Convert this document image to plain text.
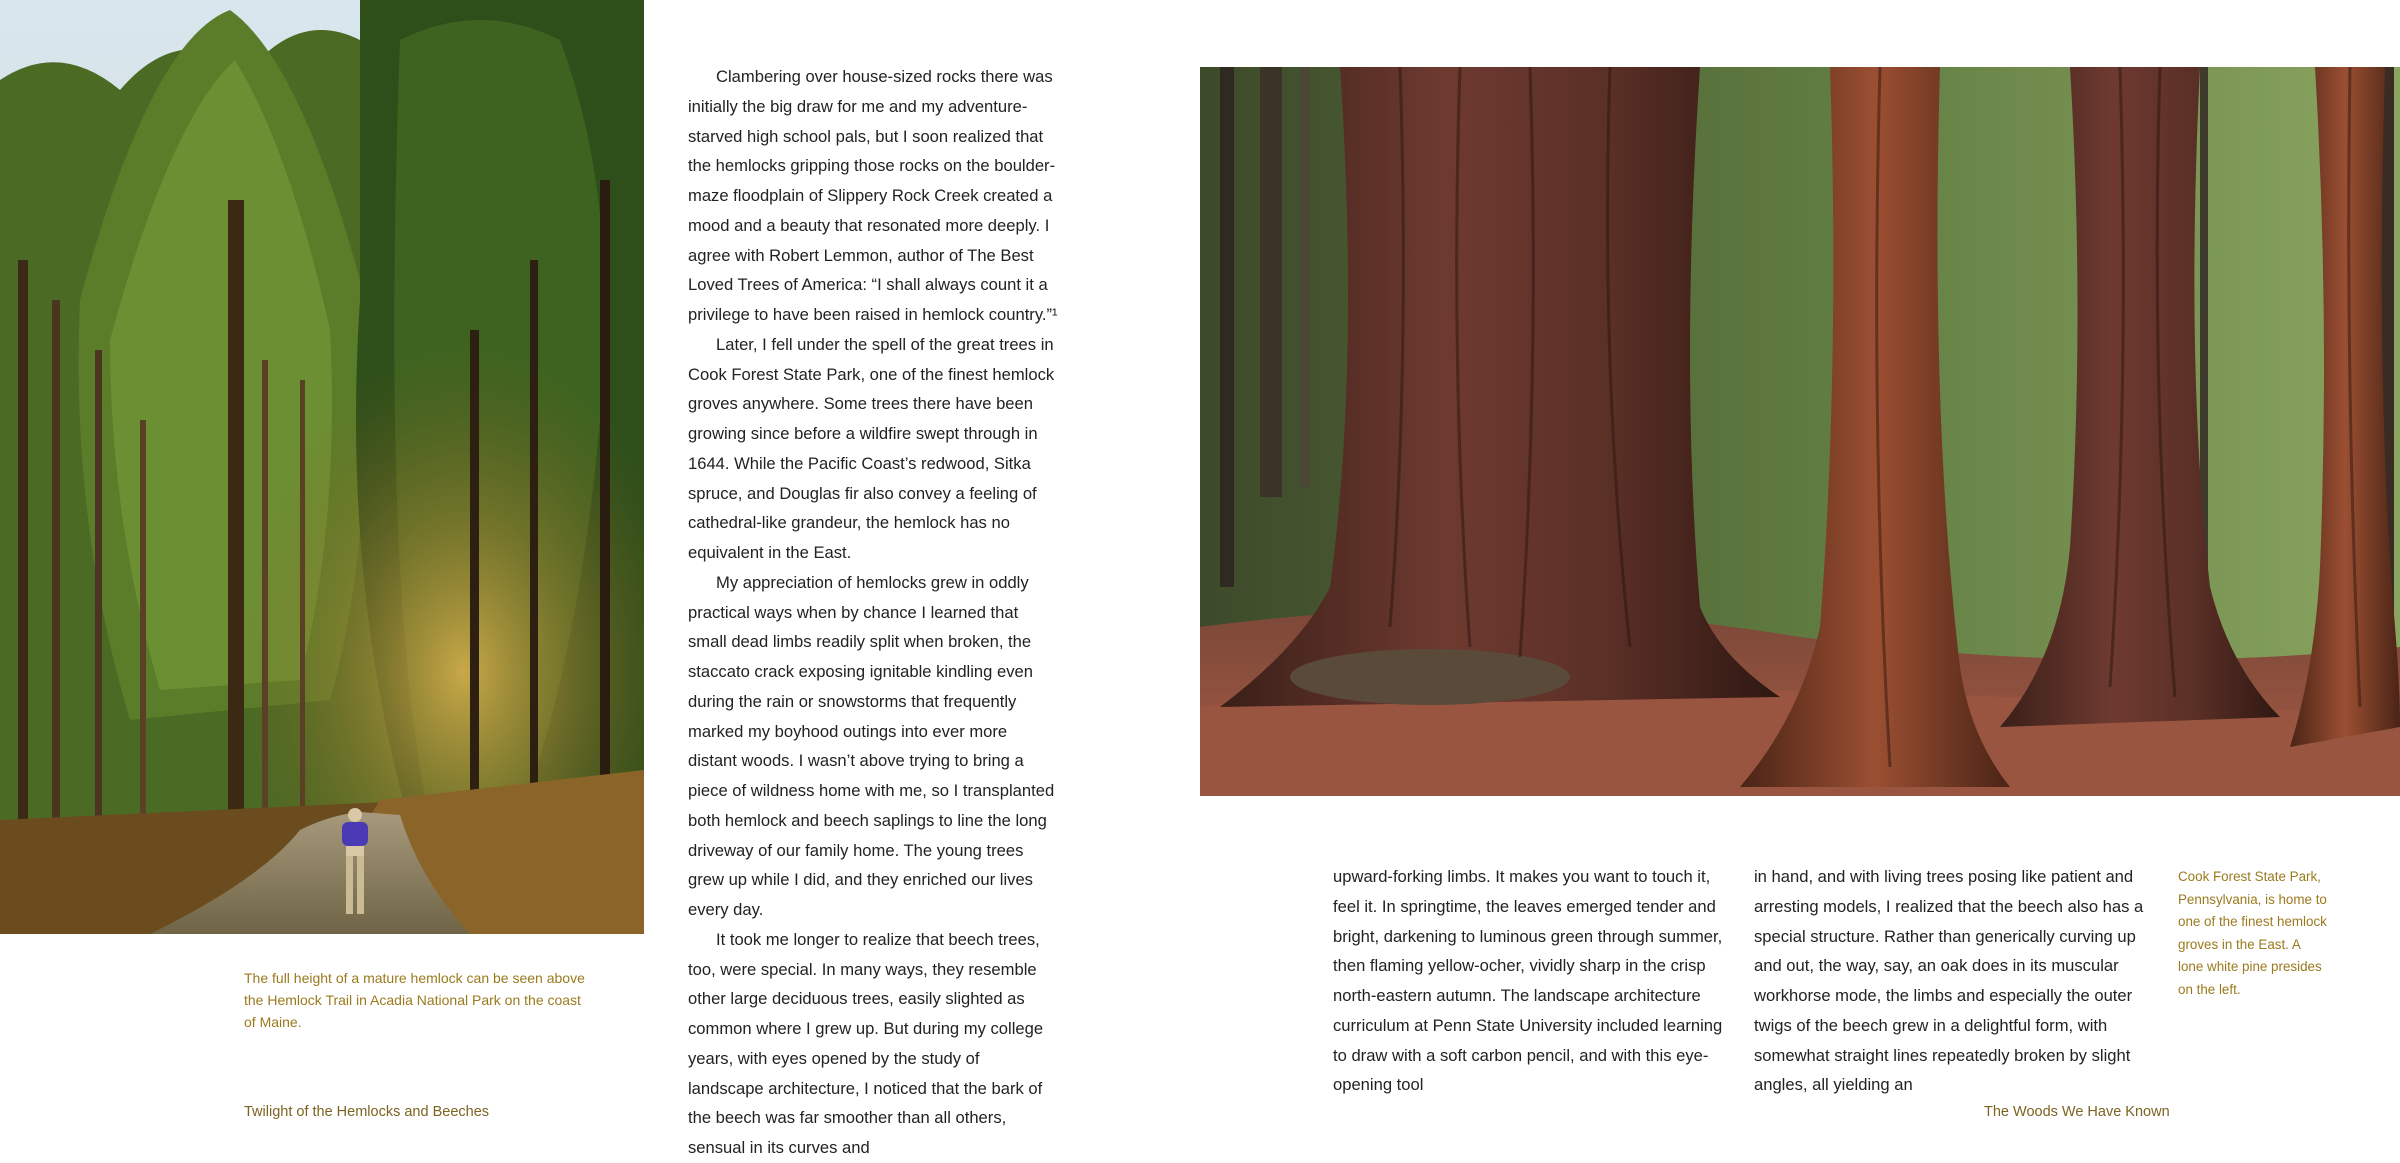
Clambering over house-sized rocks there was initially the big draw for me and my adventure-starved high school pals, but I soon realized that the hemlocks gripping those rocks on the boulder-maze floodplain of Slippery Rock Creek created a mood and a beauty that resonated more deeply. I agree with Robert Lemmon, author of The Best Loved Trees of America: “I shall always count it a privilege to have been raised in hemlock country.”¹

Later, I fell under the spell of the great trees in Cook Forest State Park, one of the finest hemlock groves anywhere. Some trees there have been growing since before a wildfire swept through in 1644. While the Pacific Coast’s redwood, Sitka spruce, and Douglas fir also convey a feeling of cathedral-like grandeur, the hemlock has no equivalent in the East.

My appreciation of hemlocks grew in oddly practical ways when by chance I learned that small dead limbs readily split when broken, the staccato crack exposing ignitable kindling even during the rain or snowstorms that frequently marked my boyhood outings into ever more distant woods. I wasn’t above trying to bring a piece of wildness home with me, so I transplanted both hemlock and beech saplings to line the long driveway of our family home. The young trees grew up while I did, and they enriched our lives every day.

It took me longer to realize that beech trees, too, were special. In many ways, they resemble other large deciduous trees, easily slighted as common where I grew up. But during my college years, with eyes opened by the study of landscape architecture, I noticed that the bark of the beech was far smoother than all others, sensual in its curves and

The full height of a mature hemlock can be seen above the Hemlock Trail in Acadia National Park on the coast of Maine.
Twilight of the Hemlocks and Beeches

upward-forking limbs. It makes you want to touch it, feel it. In springtime, the leaves emerged tender and bright, darkening to luminous green through summer, then flaming yellow-ocher, vividly sharp in the crisp north-eastern autumn. The landscape architecture curriculum at Penn State University included learning to draw with a soft carbon pencil, and with this eye-opening tool

in hand, and with living trees posing like patient and arresting models, I realized that the beech also has a special structure. Rather than generically curving up and out, the way, say, an oak does in its muscular workhorse mode, the limbs and especially the outer twigs of the beech grew in a delightful form, with somewhat straight lines repeatedly broken by slight angles, all yielding an

Cook Forest State Park, Pennsylvania, is home to one of the finest hemlock groves in the East. A lone white pine presides on the left.
The Woods We Have Known
